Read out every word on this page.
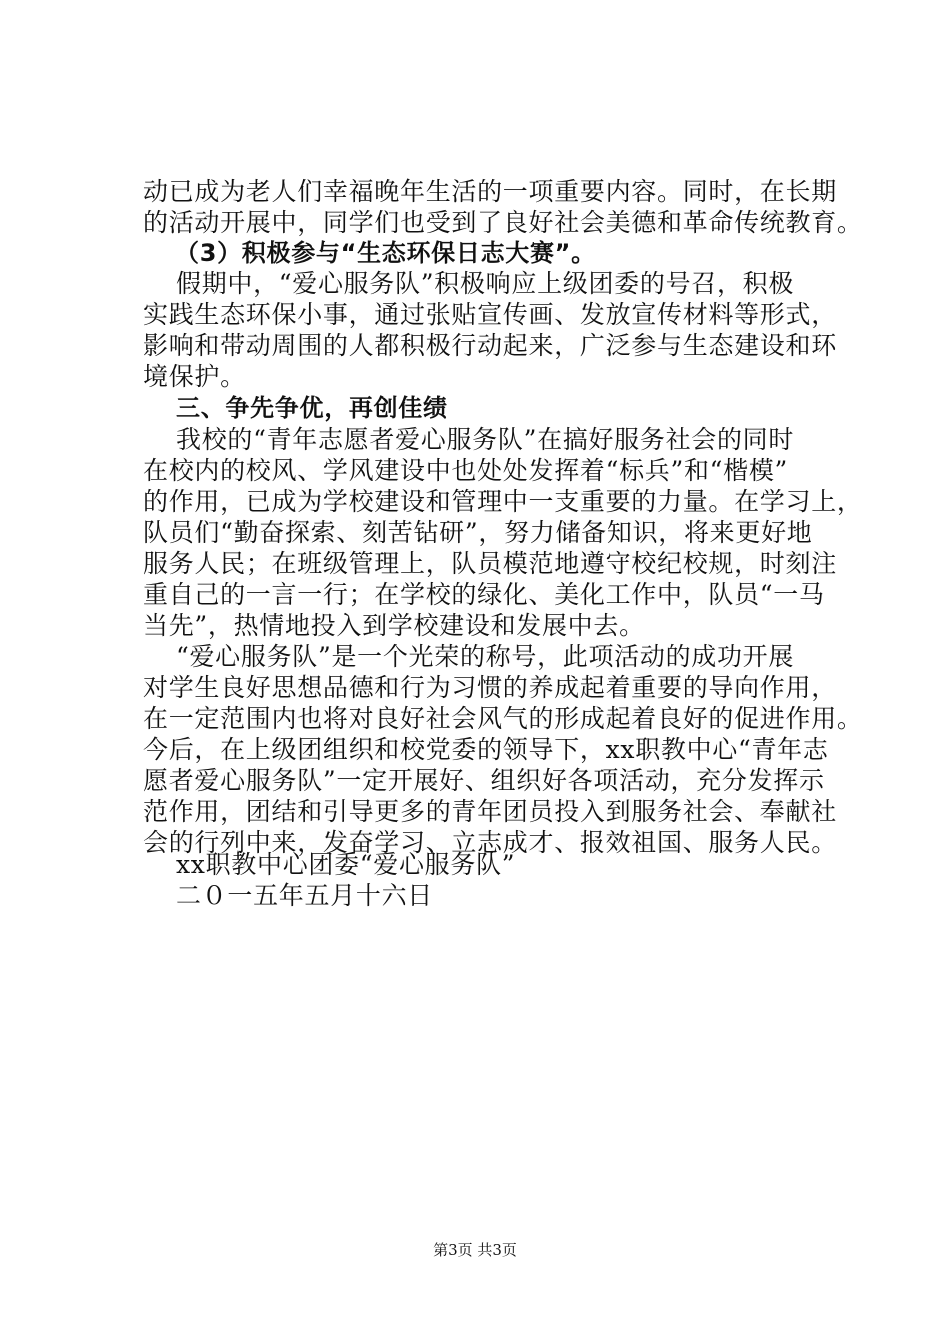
动已成为老人们幸福晚年生活的一项重要内容。同时，在长期
的活动开展中，同学们也受到了良好社会美德和革命传统教育。
（3）积极参与“生态环保日志大赛”。
假期中，“爱心服务队”积极响应上级团委的号召，积极
实践生态环保小事，通过张贴宣传画、发放宣传材料等形式，
影响和带动周围的人都积极行动起来，广泛参与生态建设和环
境保护。
三、争先争优，再创佳绩
我校的“青年志愿者爱心服务队”在搞好服务社会的同时
在校内的校风、学风建设中也处处发挥着“标兵”和“楷模”
的作用，已成为学校建设和管理中一支重要的力量。在学习上，
队员们“勤奋探索、刻苦钻研”，努力储备知识，将来更好地
服务人民；在班级管理上，队员模范地遵守校纪校规，时刻注
重自己的一言一行；在学校的绿化、美化工作中，队员“一马
当先”，热情地投入到学校建设和发展中去。
“爱心服务队”是一个光荣的称号，此项活动的成功开展
对学生良好思想品德和行为习惯的养成起着重要的导向作用，
在一定范围内也将对良好社会风气的形成起着良好的促进作用。
今后，在上级团组织和校党委的领导下，xx职教中心“青年志
愿者爱心服务队”一定开展好、组织好各项活动，充分发挥示
范作用，团结和引导更多的青年团员投入到服务社会、奉献社
会的行列中来，发奋学习、立志成才、报效祖国、服务人民。
xx职教中心团委“爱心服务队”
二０一五年五月十六日
第3页 共3页
